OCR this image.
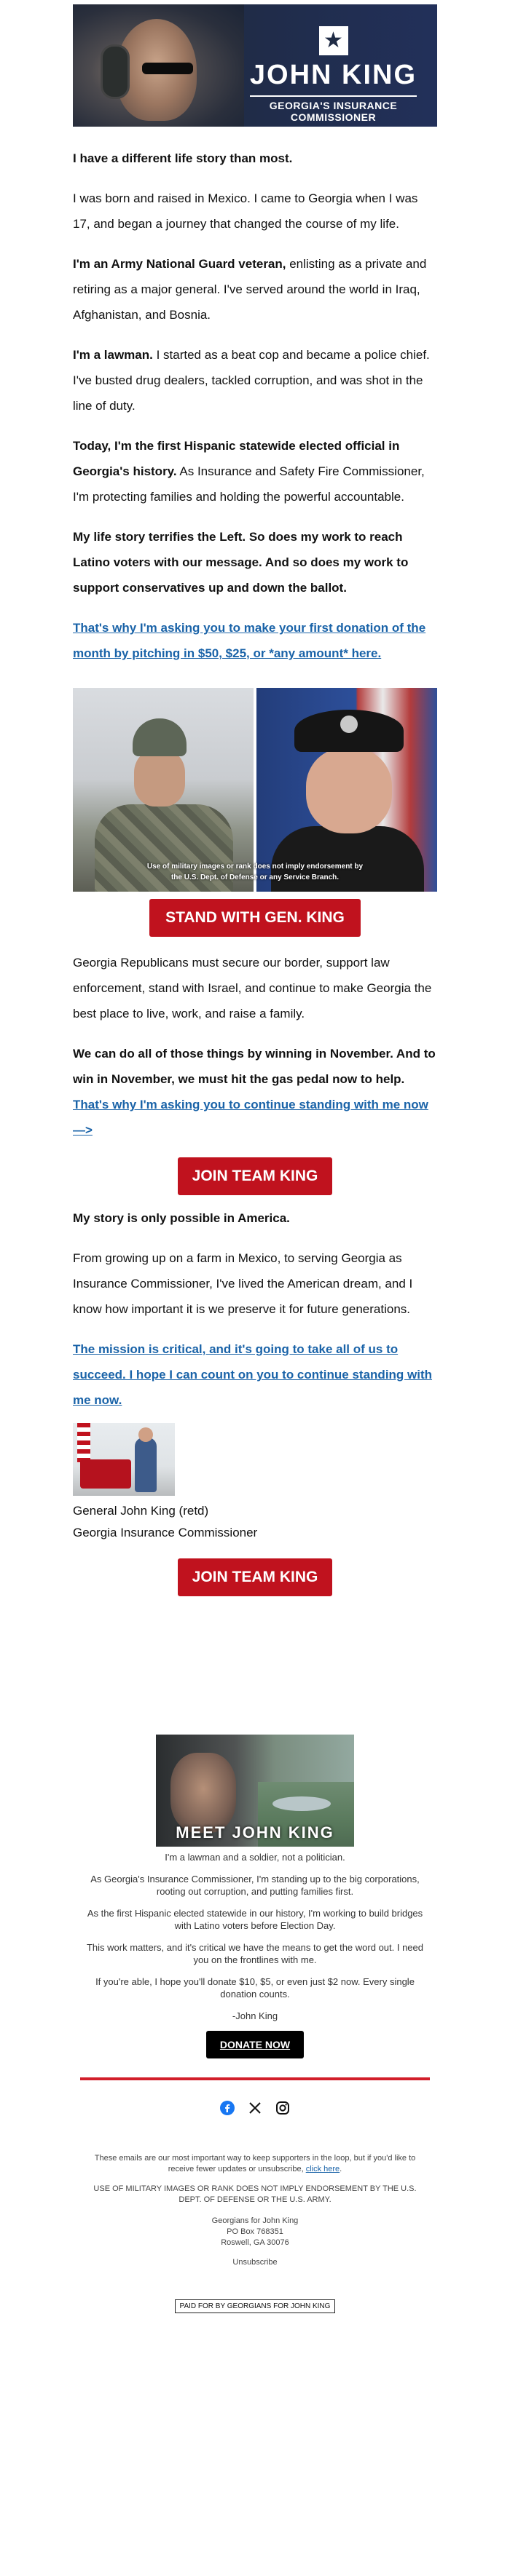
★
JOHN KING
GEORGIA'S INSURANCE COMMISSIONER

I have a different life story than most.

I was born and raised in Mexico. I came to Georgia when I was 17, and began a journey that changed the course of my life.

I'm an Army National Guard veteran, enlisting as a private and retiring as a major general. I've served around the world in Iraq, Afghanistan, and Bosnia.

I'm a lawman. I started as a beat cop and became a police chief. I've busted drug dealers, tackled corruption, and was shot in the line of duty.

Today, I'm the first Hispanic statewide elected official in Georgia's history. As Insurance and Safety Fire Commissioner, I'm protecting families and holding the powerful accountable.

My life story terrifies the Left. So does my work to reach Latino voters with our message. And so does my work to support conservatives up and down the ballot.

That's why I'm asking you to make your first donation of the month by pitching in $50, $25, or *any amount* here.

Use of military images or rank does not imply endorsement by
the U.S. Dept. of Defense or any Service Branch.
STAND WITH GEN. KING

Georgia Republicans must secure our border, support law enforcement, stand with Israel, and continue to make Georgia the best place to live, work, and raise a family.

We can do all of those things by winning in November. And to win in November, we must hit the gas pedal now to help. That's why I'm asking you to continue standing with me now —>

JOIN TEAM KING

My story is only possible in America.

From growing up on a farm in Mexico, to serving Georgia as Insurance Commissioner, I've lived the American dream, and I know how important it is we preserve it for future generations.

The mission is critical, and it's going to take all of us to succeed. I hope I can count on you to continue standing with me now.

General John King (retd)

Georgia Insurance Commissioner

JOIN TEAM KING
MEET JOHN KING

I'm a lawman and a soldier, not a politician.

As Georgia's Insurance Commissioner, I'm standing up to the big corporations, rooting out corruption, and putting families first.

As the first Hispanic elected statewide in our history, I'm working to build bridges with Latino voters before Election Day.

This work matters, and it's critical we have the means to get the word out. I need you on the frontlines with me.

If you're able, I hope you'll donate $10, $5, or even just $2 now. Every single donation counts.

-John King

DONATE NOW

These emails are our most important way to keep supporters in the loop, but if you'd like to receive fewer updates or unsubscribe, click here.

USE OF MILITARY IMAGES OR RANK DOES NOT IMPLY ENDORSEMENT BY THE U.S. DEPT. OF DEFENSE OR THE U.S. ARMY.

Georgians for John King

PO Box 768351

Roswell, GA 30076

Unsubscribe

PAID FOR BY GEORGIANS FOR JOHN KING
